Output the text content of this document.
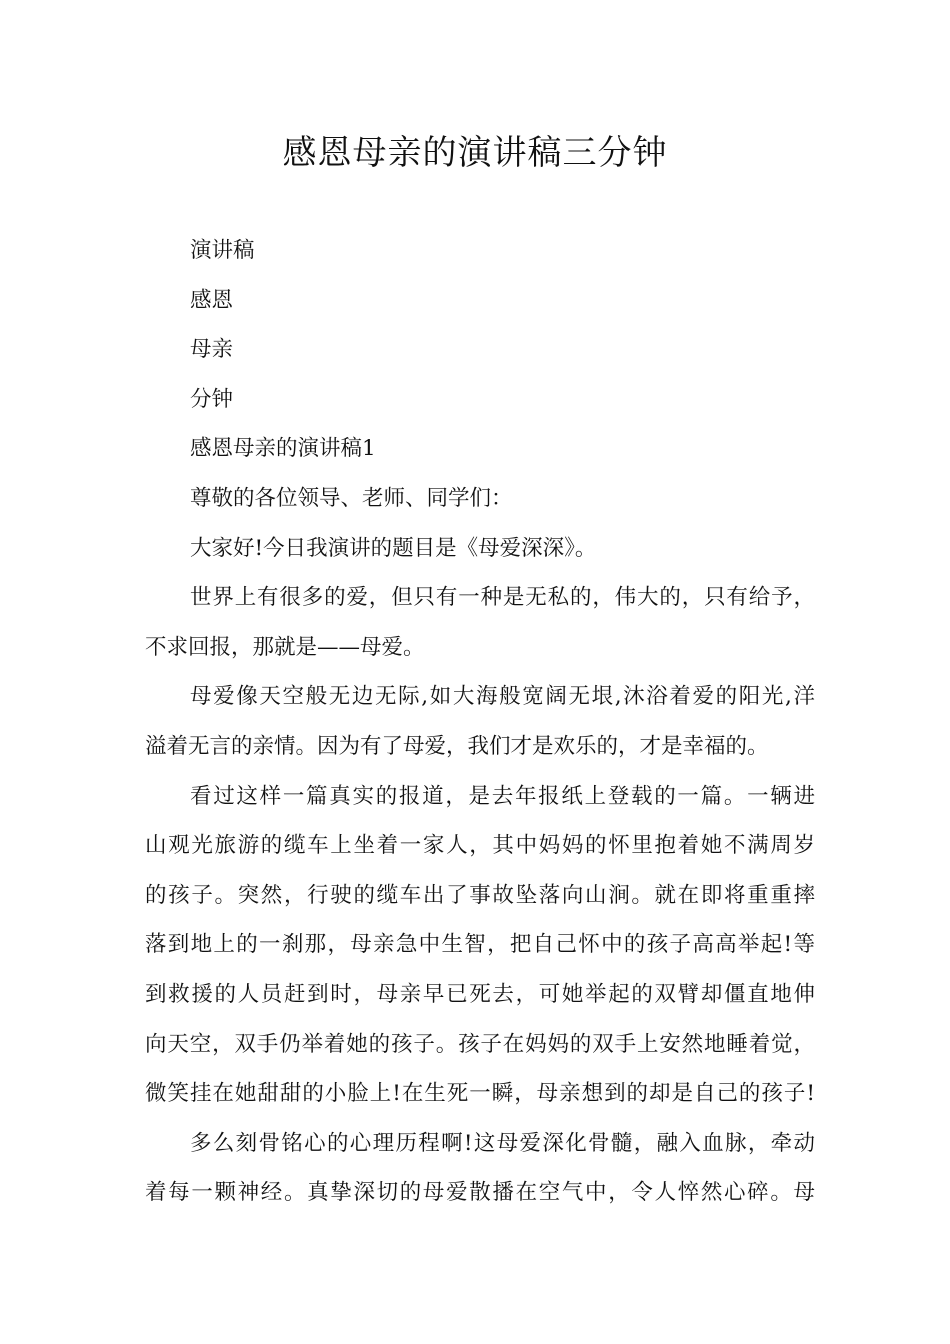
感恩母亲的演讲稿三分钟
演讲稿
感恩
母亲
分钟
感恩母亲的演讲稿1
尊敬的各位领导、老师、同学们：
大家好!今日我演讲的题目是《母爱深深》。
世界上有很多的爱，但只有一种是无私的，伟大的，只有给予，
不求回报，那就是——母爱。
母爱像天空般无边无际,如大海般宽阔无垠,沐浴着爱的阳光,洋
溢着无言的亲情。因为有了母爱，我们才是欢乐的，才是幸福的。
看过这样一篇真实的报道，是去年报纸上登载的一篇。一辆进
山观光旅游的缆车上坐着一家人，其中妈妈的怀里抱着她不满周岁
的孩子。突然，行驶的缆车出了事故坠落向山涧。就在即将重重摔
落到地上的一刹那，母亲急中生智，把自己怀中的孩子高高举起!等
到救援的人员赶到时，母亲早已死去，可她举起的双臂却僵直地伸
向天空，双手仍举着她的孩子。孩子在妈妈的双手上安然地睡着觉，
微笑挂在她甜甜的小脸上!在生死一瞬，母亲想到的却是自己的孩子!
多么刻骨铭心的心理历程啊!这母爱深化骨髓，融入血脉，牵动
着每一颗神经。真挚深切的母爱散播在空气中，令人悴然心碎。母
